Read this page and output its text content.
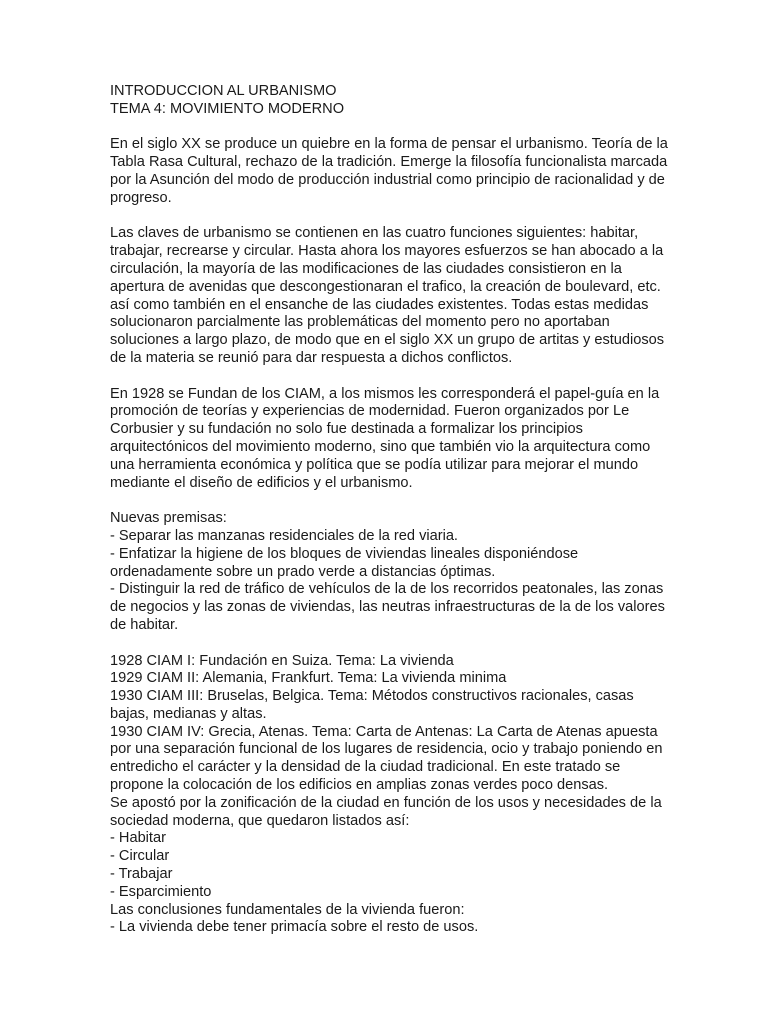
INTRODUCCION AL URBANISMO
TEMA 4: MOVIMIENTO MODERNO
En el siglo XX se produce un quiebre en la forma de pensar el urbanismo. Teoría de la
Tabla Rasa Cultural, rechazo de la tradición. Emerge la filosofía funcionalista marcada
por la Asunción del modo de producción industrial como principio de racionalidad y de
progreso.
Las claves de urbanismo se contienen en las cuatro funciones siguientes: habitar,
trabajar, recrearse y circular. Hasta ahora los mayores esfuerzos se han abocado a la
circulación, la mayoría de las modificaciones de las ciudades consistieron en la
apertura de avenidas que descongestionaran el trafico, la creación de boulevard, etc.
así como también en el ensanche de las ciudades existentes. Todas estas medidas
solucionaron parcialmente las problemáticas del momento pero no aportaban
soluciones a largo plazo, de modo que en el siglo XX un grupo de artitas y estudiosos
de la materia se reunió para dar respuesta a dichos conflictos.
En 1928 se Fundan de los CIAM, a los mismos les corresponderá el papel-guía en la
promoción de teorías y experiencias de modernidad. Fueron organizados por Le
Corbusier y su fundación no solo fue destinada a formalizar los principios
arquitectónicos del movimiento moderno, sino que también vio la arquitectura como
una herramienta económica y política que se podía utilizar para mejorar el mundo
mediante el diseño de edificios y el urbanismo.
Nuevas premisas:
- Separar las manzanas residenciales de la red viaria.
- Enfatizar la higiene de los bloques de viviendas lineales disponiéndose
ordenadamente sobre un prado verde a distancias óptimas.
- Distinguir la red de tráfico de vehículos de la de los recorridos peatonales, las zonas
de negocios y las zonas de viviendas, las neutras infraestructuras de la de los valores
de habitar.
1928 CIAM I: Fundación en Suiza. Tema: La vivienda
1929 CIAM II: Alemania, Frankfurt. Tema: La vivienda minima
1930 CIAM III: Bruselas, Belgica. Tema: Métodos constructivos racionales, casas
bajas, medianas y altas.
1930 CIAM IV: Grecia, Atenas. Tema: Carta de Antenas: La Carta de Atenas apuesta
por una separación funcional de los lugares de residencia, ocio y trabajo poniendo en
entredicho el carácter y la densidad de la ciudad tradicional. En este tratado se
propone la colocación de los edificios en amplias zonas verdes poco densas.
Se apostó por la zonificación de la ciudad en función de los usos y necesidades de la
sociedad moderna, que quedaron listados así:
- Habitar
- Circular
- Trabajar
- Esparcimiento
Las conclusiones fundamentales de la vivienda fueron:
- La vivienda debe tener primacía sobre el resto de usos.
